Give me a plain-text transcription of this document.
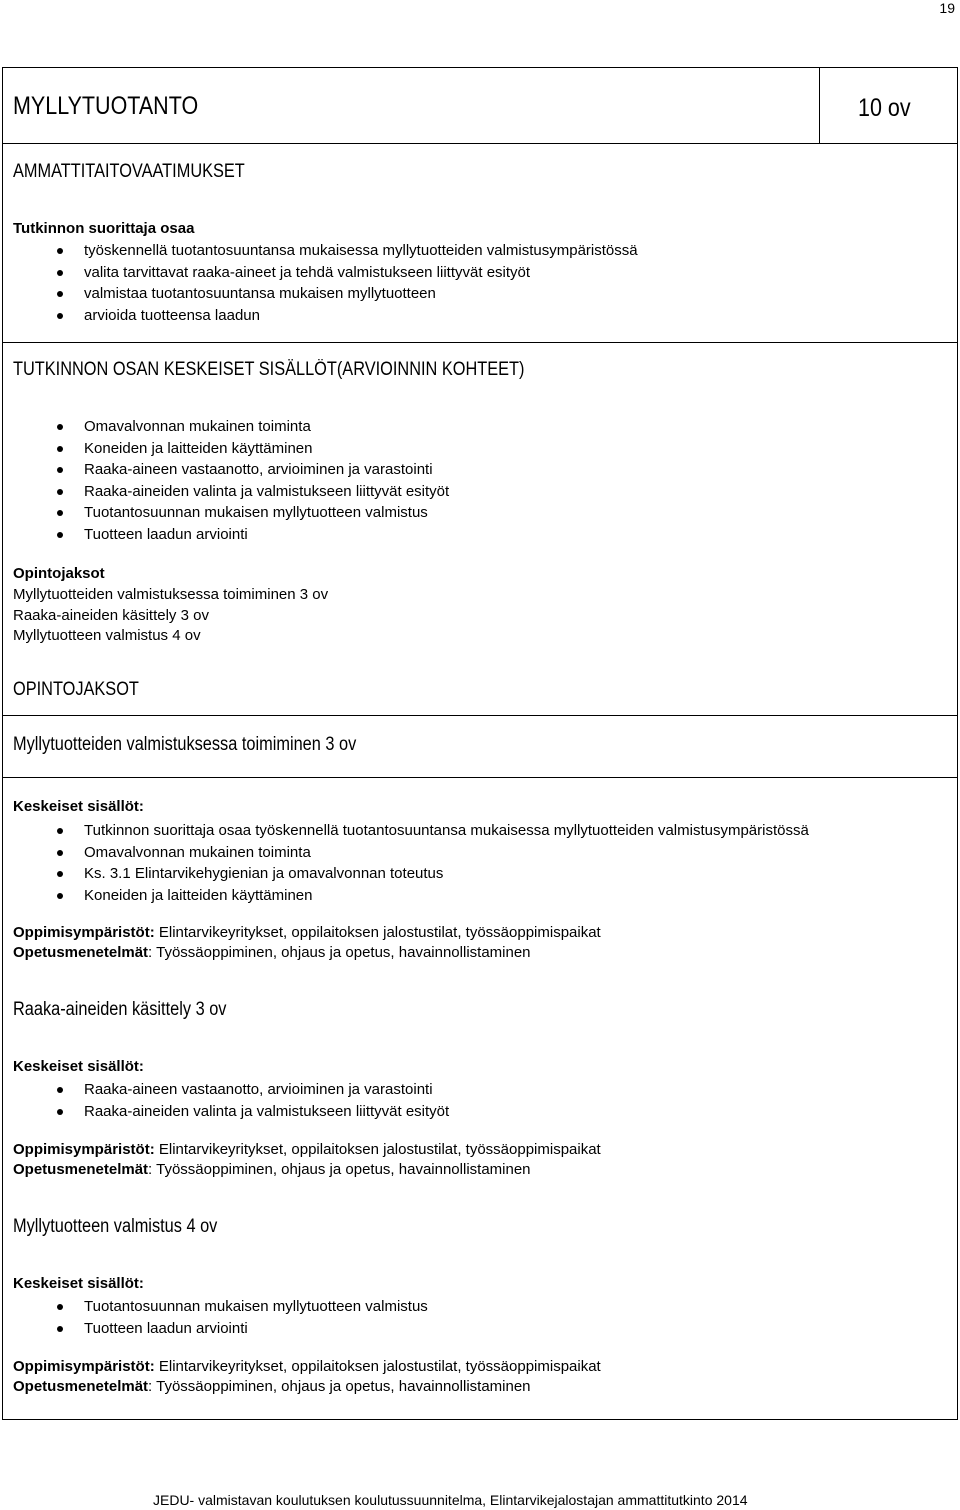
19
MYLLYTUOTANTO	10 ov
AMMATTITAITOVAATIMUKSET
Tutkinnon suorittaja osaa
työskennellä tuotantosuuntansa mukaisessa myllytuotteiden valmistusympäristössä
valita tarvittavat raaka-aineet ja tehdä valmistukseen liittyvät esityöt
valmistaa tuotantosuuntansa mukaisen myllytuotteen
arvioida tuotteensa laadun
TUTKINNON OSAN KESKEISET SISÄLLÖT(ARVIOINNIN KOHTEET)
Omavalvonnan mukainen toiminta
Koneiden ja laitteiden käyttäminen
Raaka-aineen vastaanotto, arvioiminen ja varastointi
Raaka-aineiden valinta ja valmistukseen liittyvät esityöt
Tuotantosuunnan mukaisen myllytuotteen valmistus
Tuotteen laadun arviointi
Opintojaksot
Myllytuotteiden valmistuksessa toimiminen 3 ov
Raaka-aineiden käsittely 3 ov
Myllytuotteen valmistus 4 ov
OPINTOJAKSOT
Myllytuotteiden valmistuksessa toimiminen 3 ov
Keskeiset sisällöt:
Tutkinnon suorittaja osaa työskennellä tuotantosuuntansa mukaisessa myllytuotteiden valmistusympäristössä
Omavalvonnan mukainen toiminta
Ks. 3.1 Elintarvikehygienian ja omavalvonnan toteutus
Koneiden ja laitteiden käyttäminen
Oppimisympäristöt: Elintarvikeyritykset, oppilaitoksen jalostustilat, työssäoppimispaikat
Opetusmenetelmät: Työssäoppiminen, ohjaus ja opetus, havainnollistaminen
Raaka-aineiden käsittely 3 ov
Keskeiset sisällöt:
Raaka-aineen vastaanotto, arvioiminen ja varastointi
Raaka-aineiden valinta ja valmistukseen liittyvät esityöt
Oppimisympäristöt: Elintarvikeyritykset, oppilaitoksen jalostustilat, työssäoppimispaikat
Opetusmenetelmät: Työssäoppiminen, ohjaus ja opetus, havainnollistaminen
Myllytuotteen valmistus 4 ov
Keskeiset sisällöt:
Tuotantosuunnan mukaisen myllytuotteen valmistus
Tuotteen laadun arviointi
Oppimisympäristöt: Elintarvikeyritykset, oppilaitoksen jalostustilat, työssäoppimispaikat
Opetusmenetelmät: Työssäoppiminen, ohjaus ja opetus, havainnollistaminen
JEDU- valmistavan koulutuksen koulutussuunnitelma, Elintarvikejalostajan ammattitutkinto 2014
